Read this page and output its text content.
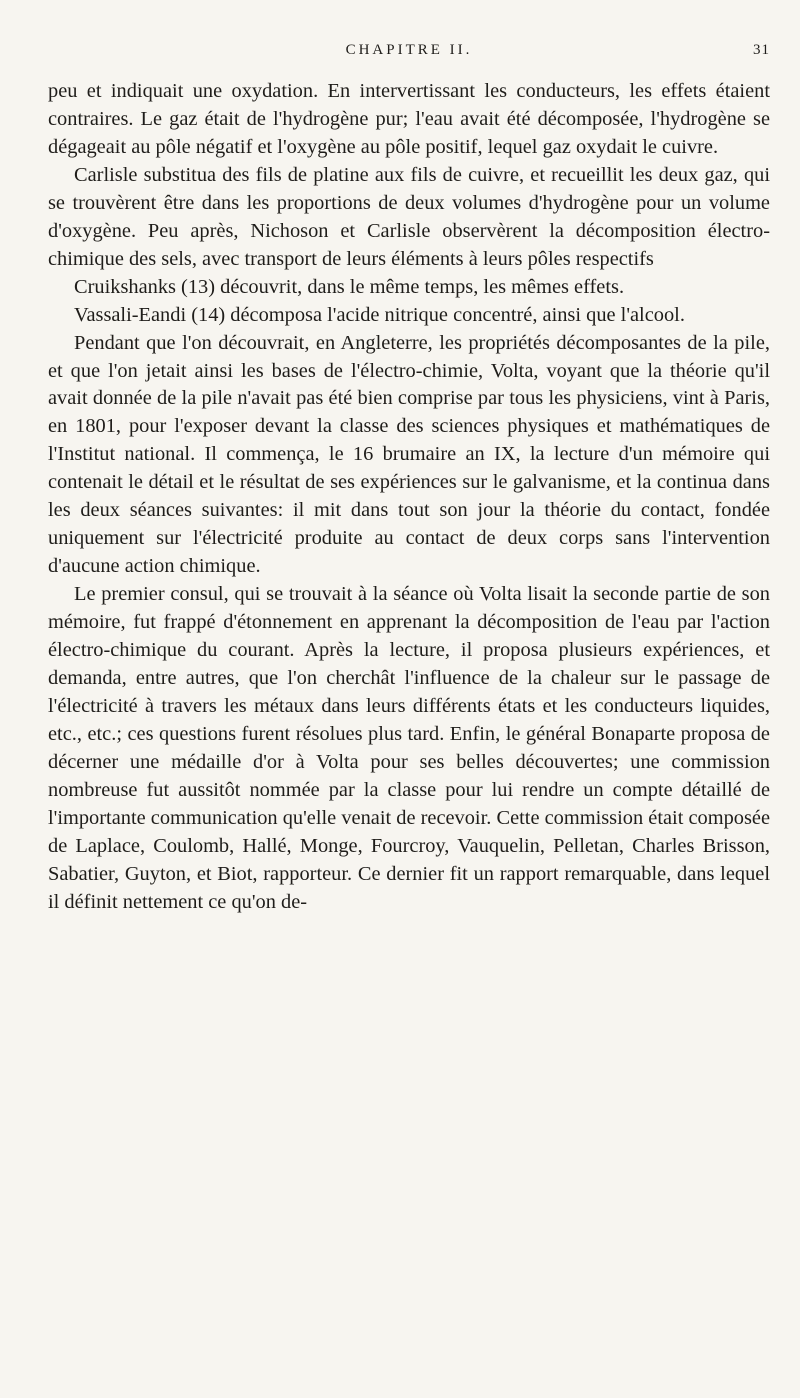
CHAPITRE II.	31

peu et indiquait une oxydation. En intervertissant les conducteurs, les effets étaient contraires. Le gaz était de l'hydrogène pur; l'eau avait été décomposée, l'hydrogène se dégageait au pôle négatif et l'oxygène au pôle positif, lequel gaz oxydait le cuivre.

Carlisle substitua des fils de platine aux fils de cuivre, et recueillit les deux gaz, qui se trouvèrent être dans les proportions de deux volumes d'hydrogène pour un volume d'oxygène. Peu après, Nichoson et Carlisle observèrent la décomposition électro-chimique des sels, avec transport de leurs éléments à leurs pôles respectifs

Cruikshanks (13) découvrit, dans le même temps, les mêmes effets.

Vassali-Eandi (14) décomposa l'acide nitrique concentré, ainsi que l'alcool.

Pendant que l'on découvrait, en Angleterre, les propriétés décomposantes de la pile, et que l'on jetait ainsi les bases de l'électro-chimie, Volta, voyant que la théorie qu'il avait donnée de la pile n'avait pas été bien comprise par tous les physiciens, vint à Paris, en 1801, pour l'exposer devant la classe des sciences physiques et mathématiques de l'Institut national. Il commença, le 16 brumaire an IX, la lecture d'un mémoire qui contenait le détail et le résultat de ses expériences sur le galvanisme, et la continua dans les deux séances suivantes: il mit dans tout son jour la théorie du contact, fondée uniquement sur l'électricité produite au contact de deux corps sans l'intervention d'aucune action chimique.

Le premier consul, qui se trouvait à la séance où Volta lisait la seconde partie de son mémoire, fut frappé d'étonnement en apprenant la décomposition de l'eau par l'action électro-chimique du courant. Après la lecture, il proposa plusieurs expériences, et demanda, entre autres, que l'on cherchât l'influence de la chaleur sur le passage de l'électricité à travers les métaux dans leurs différents états et les conducteurs liquides, etc., etc.; ces questions furent résolues plus tard. Enfin, le général Bonaparte proposa de décerner une médaille d'or à Volta pour ses belles découvertes; une commission nombreuse fut aussitôt nommée par la classe pour lui rendre un compte détaillé de l'importante communication qu'elle venait de recevoir. Cette commission était composée de Laplace, Coulomb, Hallé, Monge, Fourcroy, Vauquelin, Pelletan, Charles Brisson, Sabatier, Guyton, et Biot, rapporteur. Ce dernier fit un rapport remarquable, dans lequel il définit nettement ce qu'on de-
